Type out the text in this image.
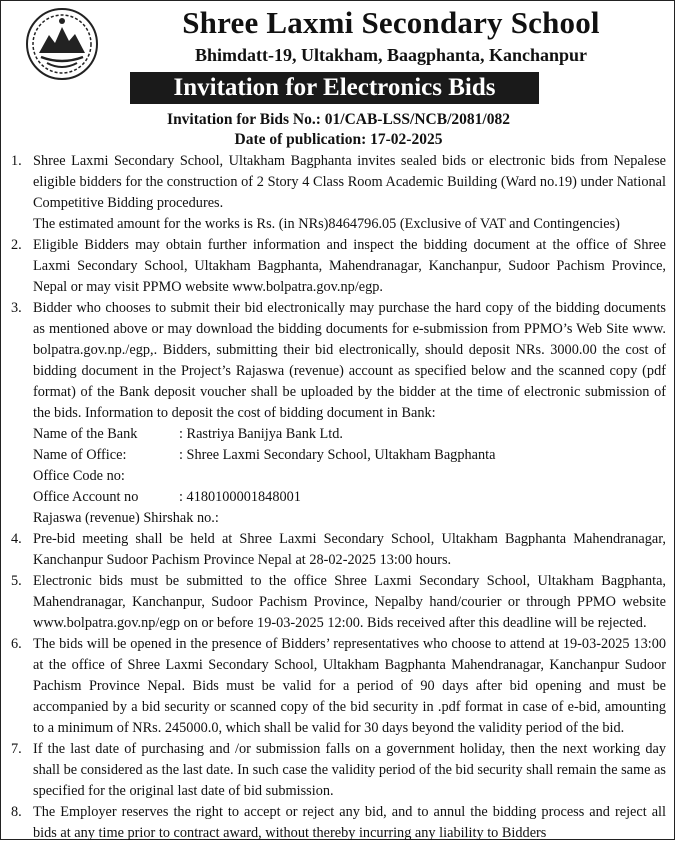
Shree Laxmi Secondary School
Bhimdatt-19, Ultakham, Baagphanta, Kanchanpur
Invitation for Electronics Bids
Invitation for Bids No.: 01/CAB-LSS/NCB/2081/082
Date of publication: 17-02-2025
1. Shree Laxmi Secondary School, Ultakham Bagphanta invites sealed bids or electronic bids from Nepalese eligible bidders for the construction of 2 Story 4 Class Room Academic Building (Ward no.19) under National Competitive Bidding procedures.

The estimated amount for the works is Rs. (in NRs)8464796.05 (Exclusive of VAT and Contingencies)

2. Eligible Bidders may obtain further information and inspect the bidding document at the office of Shree Laxmi Secondary School, Ultakham Bagphanta, Mahendranagar, Kanchanpur, Sudoor Pachism Province, Nepal or may visit PPMO website www.bolpatra.gov.np/egp.

3. Bidder who chooses to submit their bid electronically may purchase the hard copy of the bidding documents as mentioned above or may download the bidding documents for e-submission from PPMO’s Web Site www. bolpatra.gov.np./egp,. Bidders, submitting their bid electronically, should deposit NRs. 3000.00 the cost of bidding document in the Project’s Rajaswa (revenue) account as specified below and the scanned copy (pdf format) of the Bank deposit voucher shall be uploaded by the bidder at the time of electronic submission of the bids. Information to deposit the cost of bidding document in Bank:

Name of the Bank	: Rastriya Banijya Bank Ltd.
Name of Office:	: Shree Laxmi Secondary School, Ultakham Bagphanta
Office Code no:
Office Account no	: 4180100001848001

Rajaswa (revenue) Shirshak no.:

4. Pre-bid meeting shall be held at Shree Laxmi Secondary School, Ultakham Bagphanta Mahendranagar, Kanchanpur Sudoor Pachism Province Nepal at 28-02-2025 13:00 hours.

5. Electronic bids must be submitted to the office Shree Laxmi Secondary School, Ultakham Bagphanta, Mahendranagar, Kanchanpur, Sudoor Pachism Province, Nepalby hand/courier or through PPMO website www.bolpatra.gov.np/egp on or before 19-03-2025 12:00. Bids received after this deadline will be rejected.

6. The bids will be opened in the presence of Bidders’ representatives who choose to attend at 19-03-2025 13:00 at the office of Shree Laxmi Secondary School, Ultakham Bagphanta Mahendranagar, Kanchanpur Sudoor Pachism Province Nepal. Bids must be valid for a period of 90 days after bid opening and must be accompanied by a bid security or scanned copy of the bid security in .pdf format in case of e-bid, amounting to a minimum of NRs. 245000.0, which shall be valid for 30 days beyond the validity period of the bid.

7. If the last date of purchasing and /or submission falls on a government holiday, then the next working day shall be considered as the last date. In such case the validity period of the bid security shall remain the same as specified for the original last date of bid submission.

8. The Employer reserves the right to accept or reject any bid, and to annul the bidding process and reject all bids at any time prior to contract award, without thereby incurring any liability to Bidders
